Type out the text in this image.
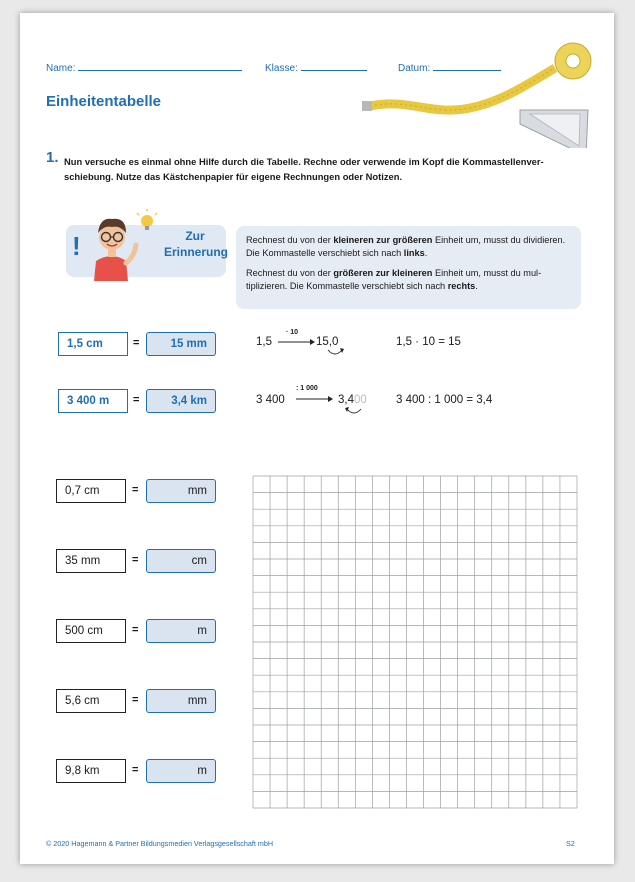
Name:	Klasse:	Datum:
Einheitentabelle
1. Nun versuche es einmal ohne Hilfe durch die Tabelle. Rechne oder verwende im Kopf die Kommastellenverschiebung. Nutze das Kästchenpapier für eigene Rechnungen oder Notizen.
!	Zur
Erinnerung

Rechnest du von der kleineren zur größeren Einheit um, musst du dividieren. Die Kommastelle verschiebt sich nach links.

Rechnest du von der größeren zur kleineren Einheit um, musst du multiplizieren. Die Kommastelle verschiebt sich nach rechts.

1,5 cm	=	15 mm	1,5
· 10
15,0	1,5 · 10 = 15
3 400 m	=	3,4 km	3 400
: 1 000
3,400	3 400 : 1 000 = 3,4
0,7 cm	=	mm
35 mm	=	cm
500 cm	=	m
5,6 cm	=	mm
9,8 km	=	m
© 2020 Hagemann & Partner Bildungsmedien Verlagsgesellschaft mbH	S2
